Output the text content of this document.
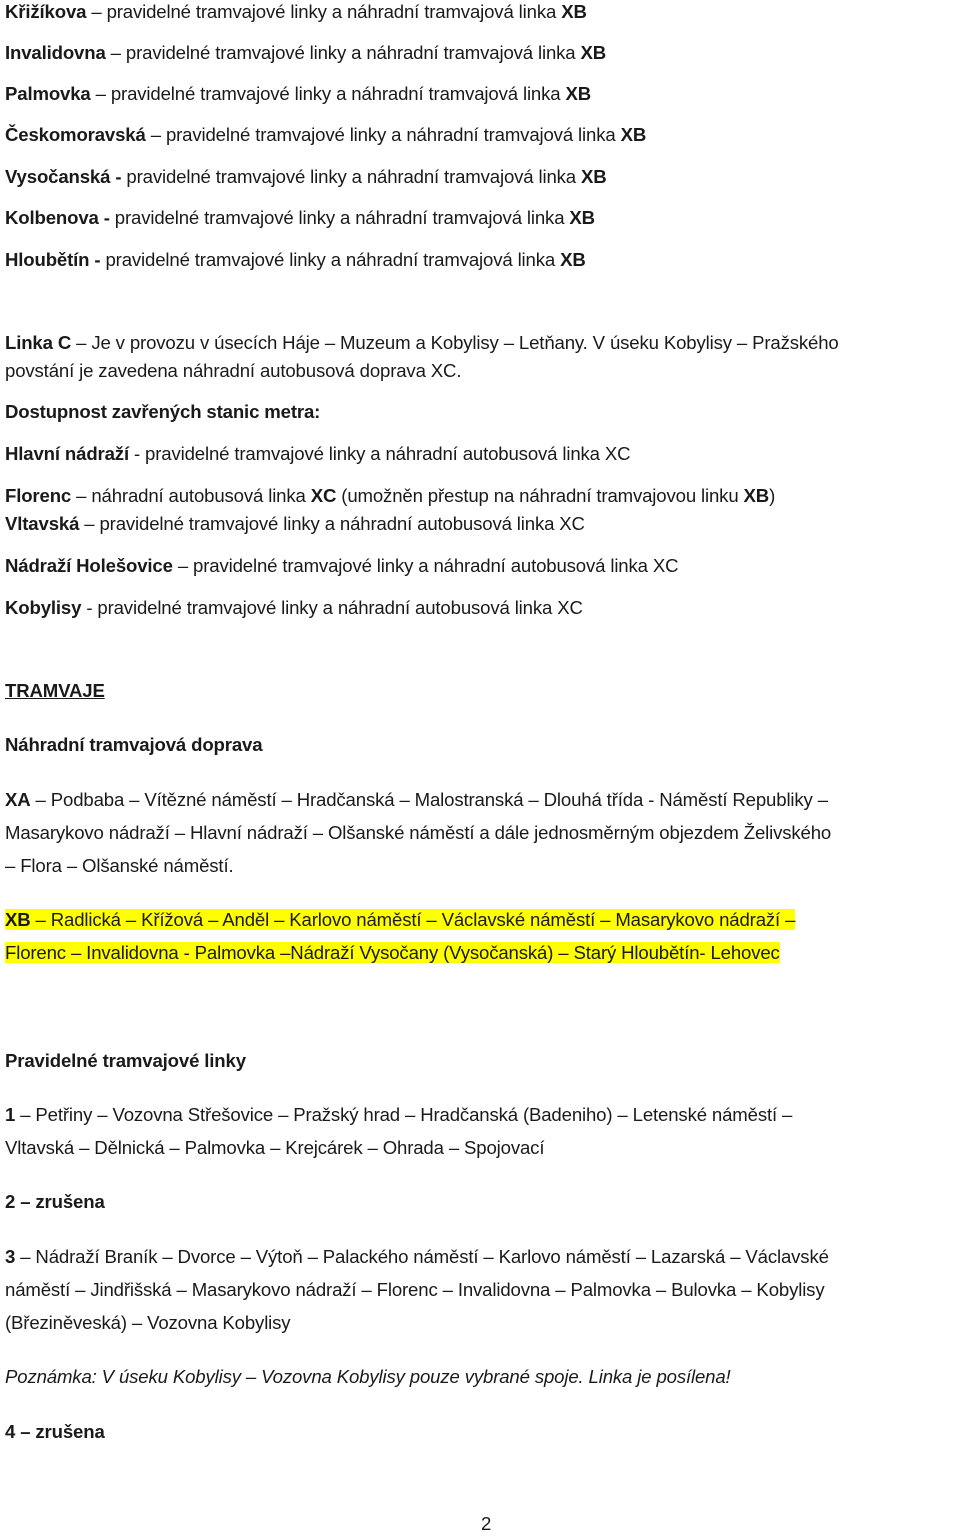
Křižíkova – pravidelné tramvajové linky a náhradní tramvajová linka XB
Invalidovna – pravidelné tramvajové linky a náhradní tramvajová linka XB
Palmovka – pravidelné tramvajové linky a náhradní tramvajová linka XB
Českomoravská – pravidelné tramvajové linky a náhradní tramvajová linka XB
Vysočanská - pravidelné tramvajové linky a náhradní tramvajová linka XB
Kolbenova - pravidelné tramvajové linky a náhradní tramvajová linka XB
Hloubětín - pravidelné tramvajové linky a náhradní tramvajová linka XB
Linka C – Je v provozu v úsecích Háje – Muzeum a Kobylisy – Letňany. V úseku Kobylisy – Pražského
povstání je zavedena náhradní autobusová doprava XC.
Dostupnost zavřených stanic metra:
Hlavní nádraží - pravidelné tramvajové linky a náhradní autobusová linka XC
Florenc – náhradní autobusová linka XC (umožněn přestup na náhradní tramvajovou linku XB)
Vltavská – pravidelné tramvajové linky a náhradní autobusová linka XC
Nádraží Holešovice – pravidelné tramvajové linky a náhradní autobusová linka XC
Kobylisy - pravidelné tramvajové linky a náhradní autobusová linka XC
TRAMVAJE
Náhradní tramvajová doprava
XA – Podbaba – Vítězné náměstí – Hradčanská – Malostranská – Dlouhá třída - Náměstí Republiky –
Masarykovo nádraží – Hlavní nádraží – Olšanské náměstí a dále jednosměrným objezdem Želivského
– Flora – Olšanské náměstí.
XB – Radlická – Křížová – Anděl – Karlovo náměstí – Václavské náměstí – Masarykovo nádraží –
Florenc – Invalidovna - Palmovka –Nádraží Vysočany (Vysočanská) – Starý Hloubětín- Lehovec
Pravidelné tramvajové linky
1 – Petřiny – Vozovna Střešovice – Pražský hrad – Hradčanská (Badeniho) – Letenské náměstí –
Vltavská – Dělnická – Palmovka – Krejcárek – Ohrada – Spojovací
2 – zrušena
3 – Nádraží Braník – Dvorce – Výtoň – Palackého náměstí – Karlovo náměstí – Lazarská – Václavské
náměstí – Jindřišská – Masarykovo nádraží – Florenc – Invalidovna – Palmovka – Bulovka – Kobylisy
(Březiněveská) – Vozovna Kobylisy
Poznámka: V úseku Kobylisy – Vozovna Kobylisy pouze vybrané spoje. Linka je posílena!
4 – zrušena
2
